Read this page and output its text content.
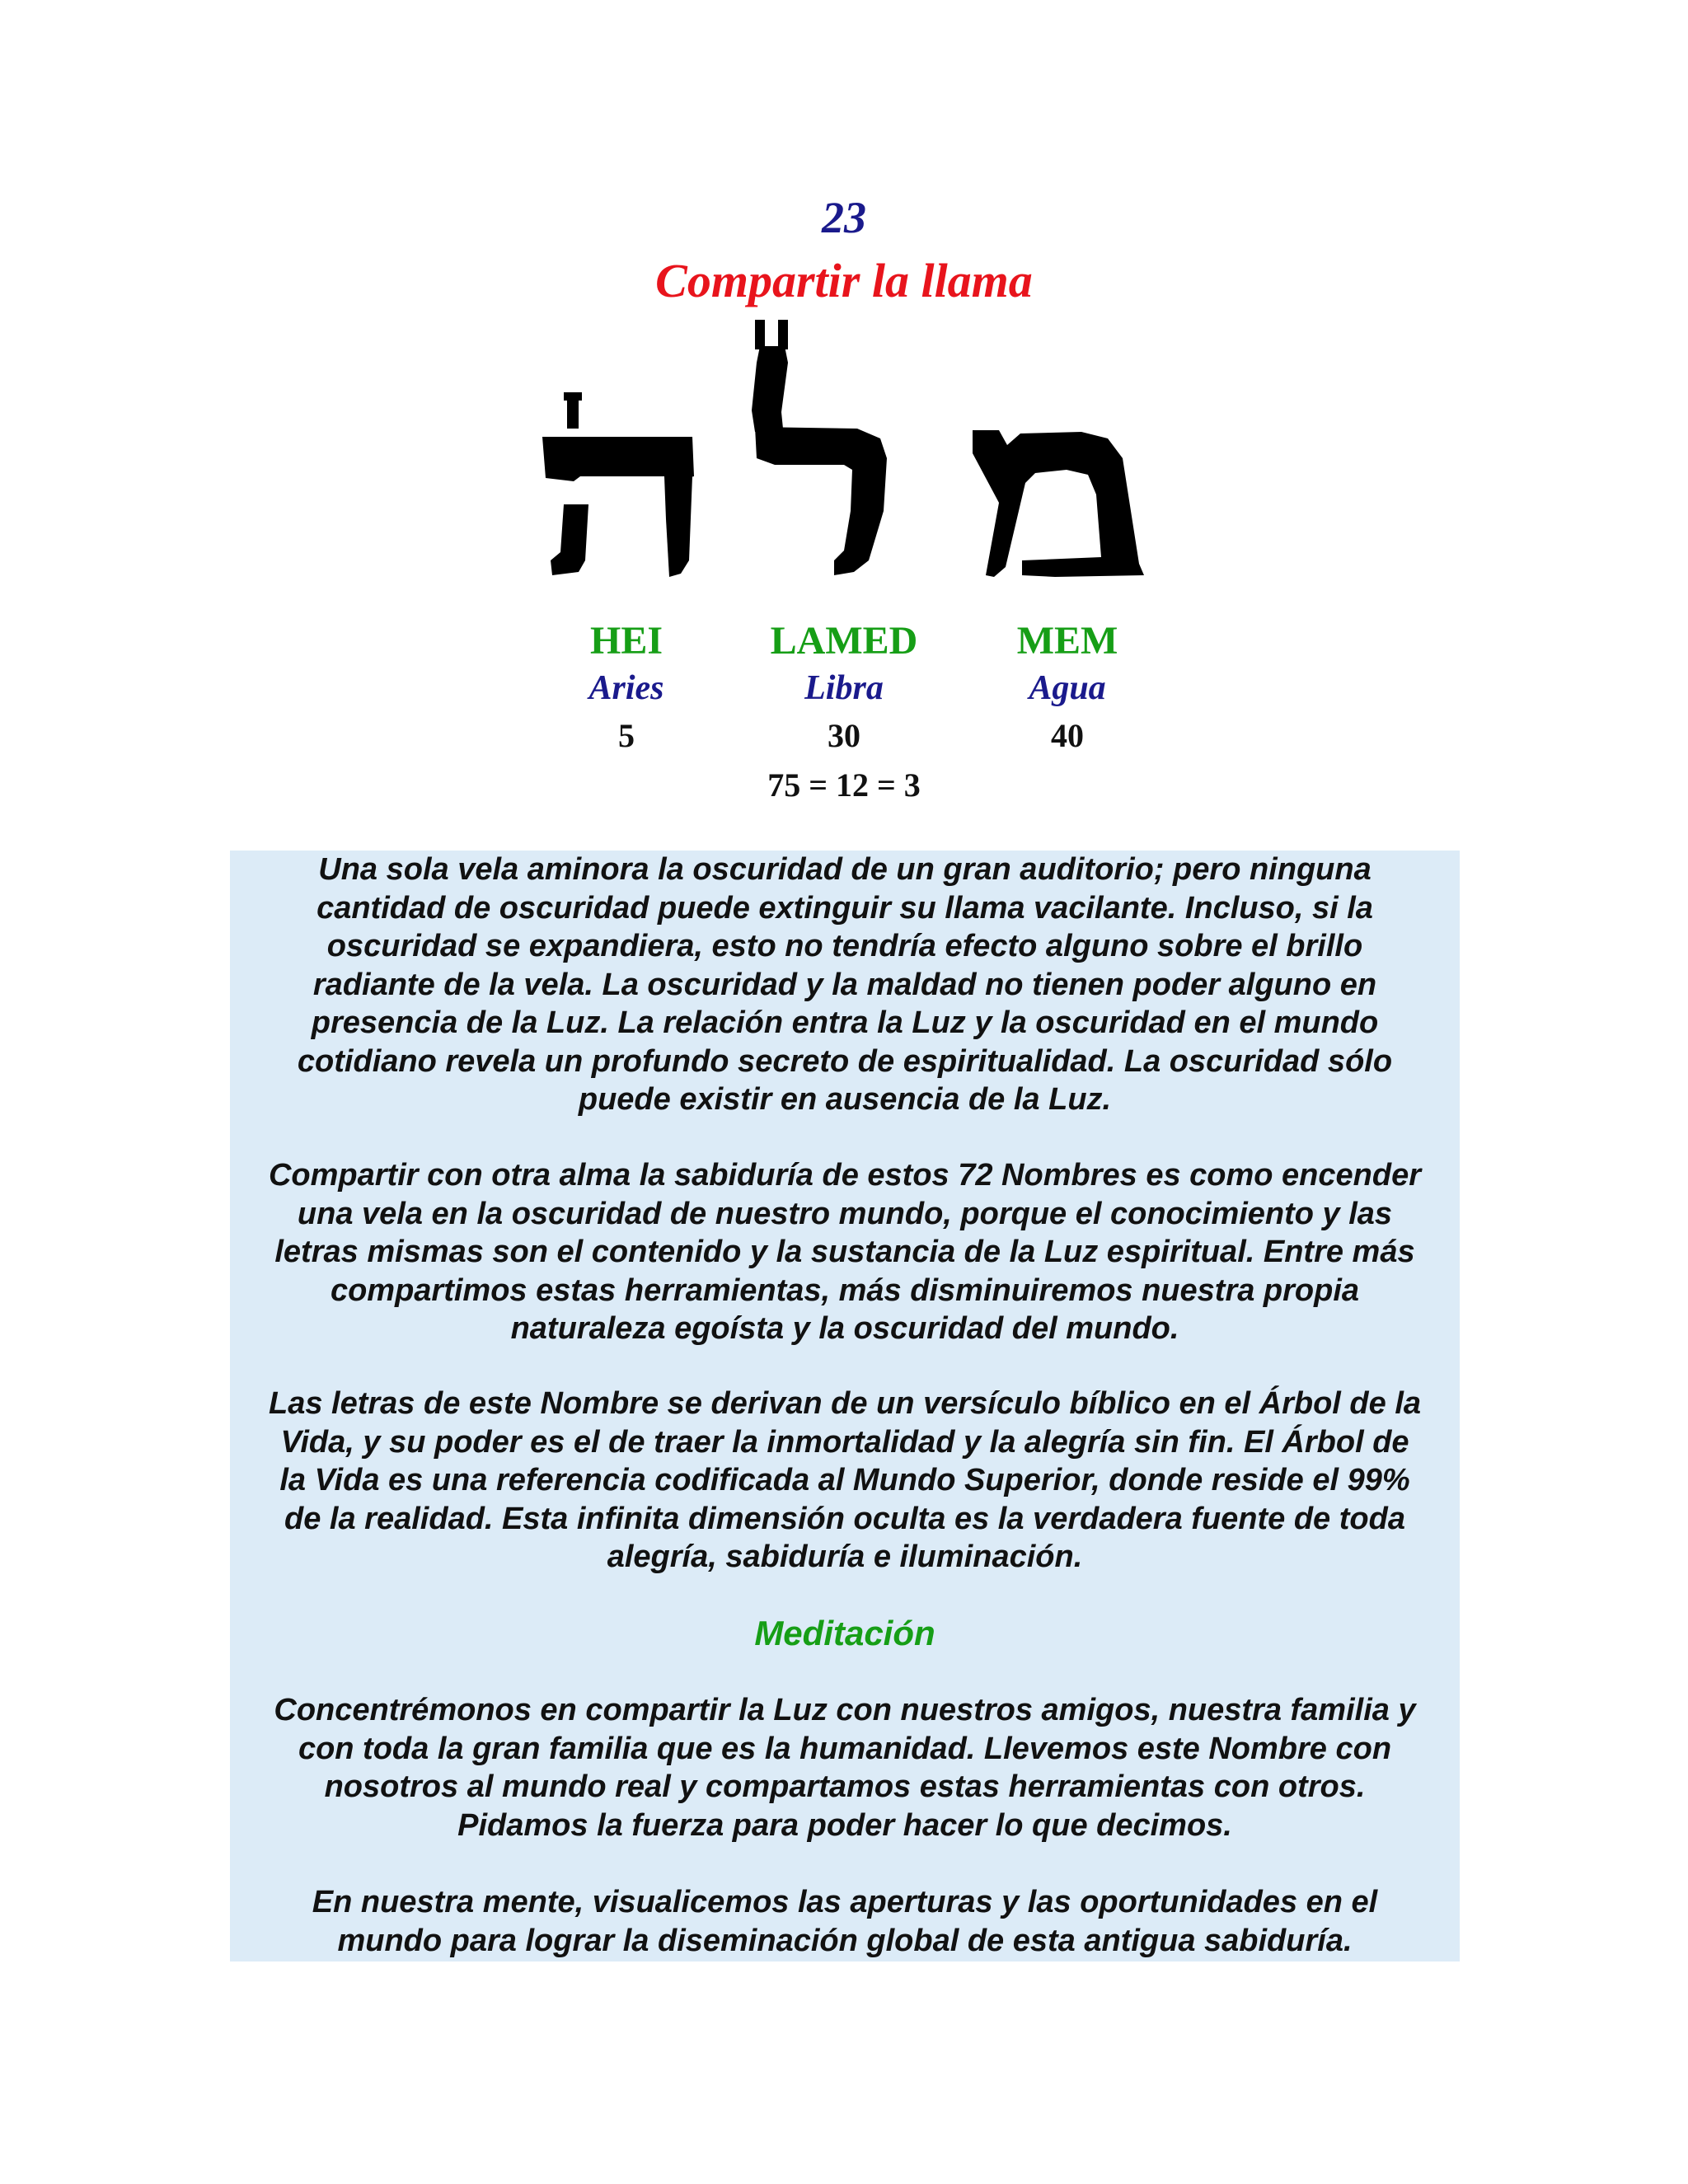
23
Compartir la llama
HEI
Aries
5
LAMED
Libra
30
MEM
Agua
40
75 = 12 = 3
Una sola vela aminora la oscuridad de un gran auditorio; pero ninguna
cantidad de oscuridad puede extinguir su llama vacilante. Incluso, si la
oscuridad se expandiera, esto no tendría efecto alguno sobre el brillo
radiante de la vela. La oscuridad y la maldad no tienen poder alguno en
presencia de la Luz. La relación entra la Luz y la oscuridad en el mundo
cotidiano revela un profundo secreto de espiritualidad. La oscuridad sólo
puede existir en ausencia de la Luz.
Compartir con otra alma la sabiduría de estos 72 Nombres es como encender
una vela en la oscuridad de nuestro mundo, porque el conocimiento y las
letras mismas son el contenido y la sustancia de la Luz espiritual. Entre más
compartimos estas herramientas, más disminuiremos nuestra propia
naturaleza egoísta y la oscuridad del mundo.
Las letras de este Nombre se derivan de un versículo bíblico en el Árbol de la
Vida, y su poder es el de traer la inmortalidad y la alegría sin fin. El Árbol de
la Vida es una referencia codificada al Mundo Superior, donde reside el 99%
de la realidad. Esta infinita dimensión oculta es la verdadera fuente de toda
alegría, sabiduría e iluminación.
Meditación
Concentrémonos en compartir la Luz con nuestros amigos, nuestra familia y
con toda la gran familia que es la humanidad. Llevemos este Nombre con
nosotros al mundo real y compartamos estas herramientas con otros.
Pidamos la fuerza para poder hacer lo que decimos.
En nuestra mente, visualicemos las aperturas y las oportunidades en el
mundo para lograr la diseminación global de esta antigua sabiduría.
